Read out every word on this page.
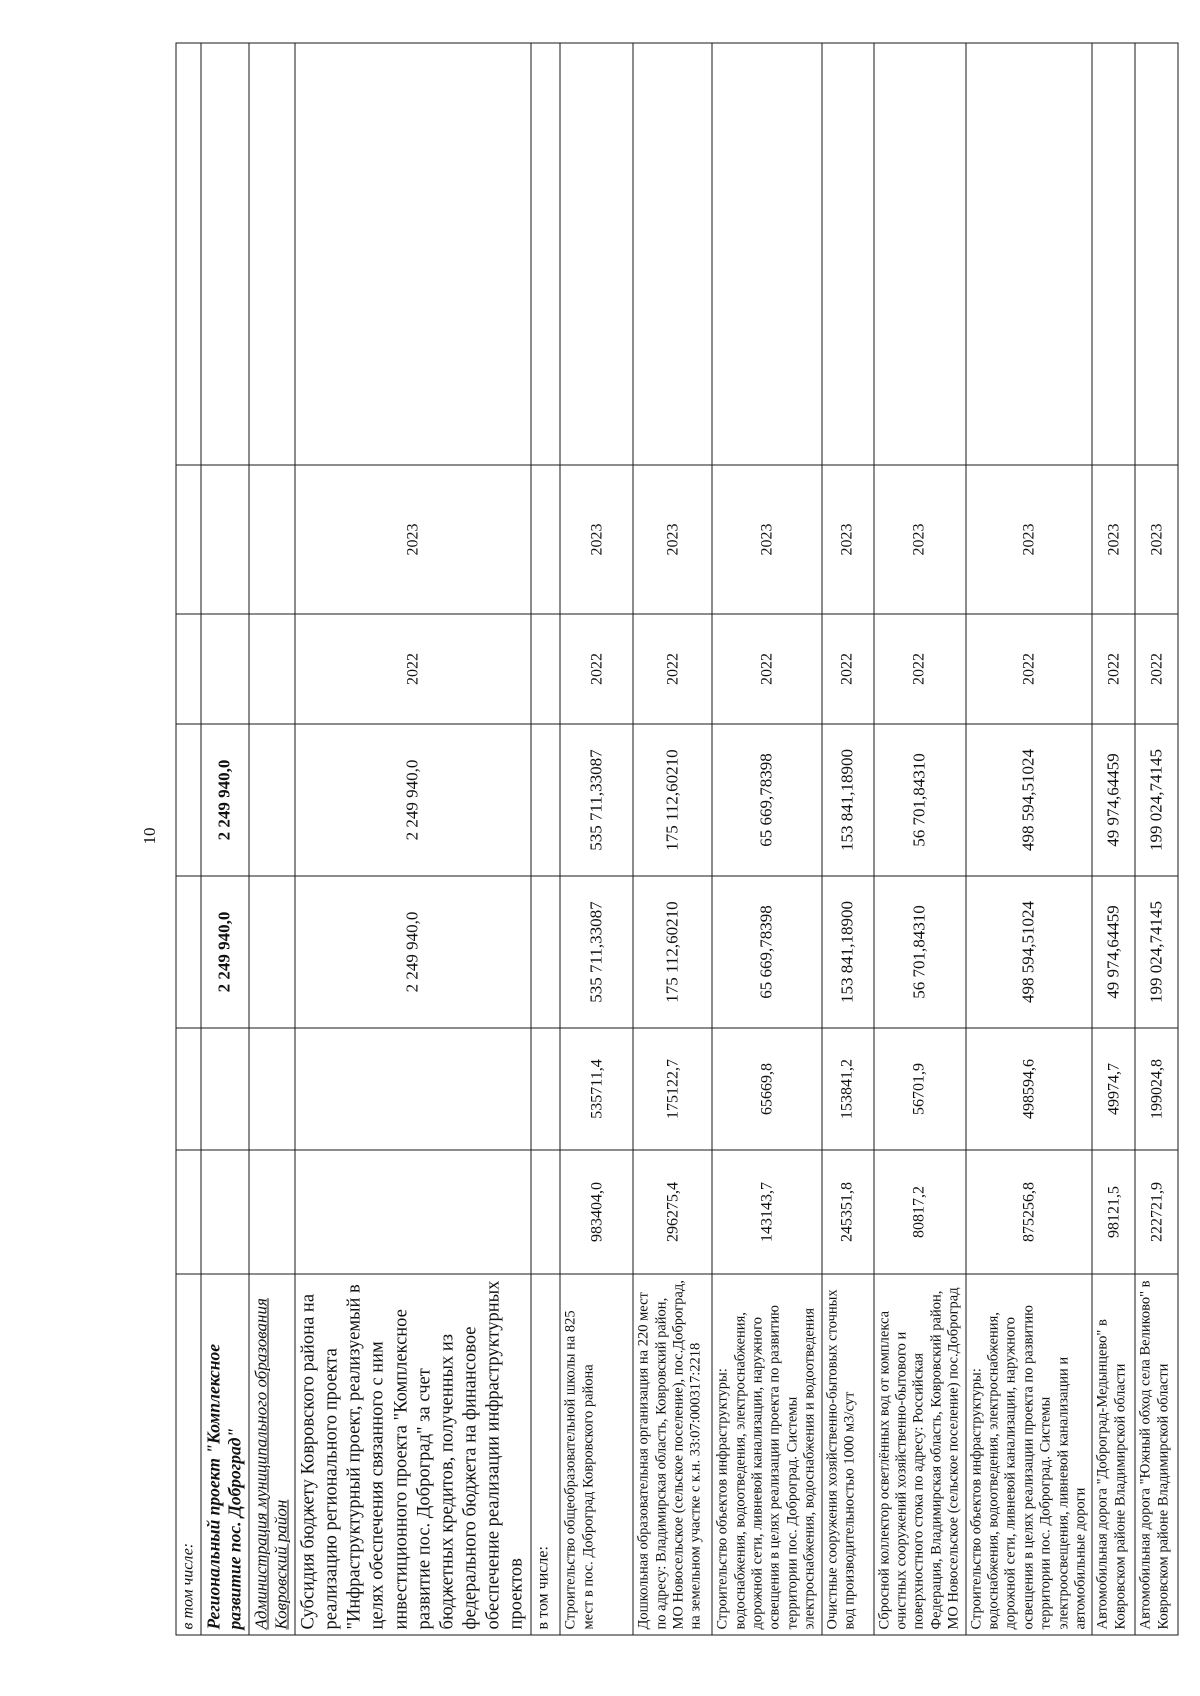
10
в том числе:							
Региональный проект "Комплексное развитие пос. Доброград"			2 249 940,0	2 249 940,0			
Администрация муниципального образования Ковровский район							
Субсидия бюджету Ковровского района на реализацию регионального проекта "Инфраструктурный проект, реализуемый в целях обеспечения связанного с ним инвестиционного проекта "Комплексное развитие пос. Доброград" за счет бюджетных кредитов, полученных из федерального бюджета на финансовое обеспечение реализации инфраструктурных проектов			2 249 940,0	2 249 940,0	2022	2023	
в том числе:							
Строительство общеобразовательной школы на 825 мест в пос. Доброград Ковровского района	983404,0	535711,4	535 711,33087	535 711,33087	2022	2023	
Дошкольная образовательная организация на 220 мест по адресу: Владимирская область, Ковровский район, МО Новосельское (сельское поселение), пос.Доброград, на земельном участке с к.н. 33:07:000317:2218	296275,4	175122,7	175 112,60210	175 112,60210	2022	2023	
Строительство объектов инфраструктуры: водоснабжения, водоотведения, электроснабжения, дорожной сети, ливневой канализации, наружного освещения в целях реализации проекта по развитию территории пос. Доброград. Системы электроснабжения, водоснабжения и водоотведения	143143,7	65669,8	65 669,78398	65 669,78398	2022	2023	
Очистные сооружения хозяйственно-бытовых сточных вод производительностью 1000 м3/сут	245351,8	153841,2	153 841,18900	153 841,18900	2022	2023	
Сбросной коллектор осветлённых вод от комплекса очистных сооружений хозяйственно-бытового и поверхностного стока по адресу: Российская Федерация, Владимирская область, Ковровский район, МО Новосельское (сельское поселение) пос.Доброград	80817,2	56701,9	56 701,84310	56 701,84310	2022	2023	
Строительство объектов инфраструктуры: водоснабжения, водоотведения, электроснабжения, дорожной сети, ливневой канализации, наружного освещения в целях реализации проекта по развитию территории пос. Доброград. Системы электроосвещения, ливневой канализации и автомобильные дороги	875256,8	498594,6	498 594,51024	498 594,51024	2022	2023	
Автомобильная дорога "Доброград-Медынцево" в Ковровском районе Владимирской области	98121,5	49974,7	49 974,64459	49 974,64459	2022	2023	
Автомобильная дорога "Южный обход села Великово" в Ковровском районе Владимирской области	222721,9	199024,8	199 024,74145	199 024,74145	2022	2023	
